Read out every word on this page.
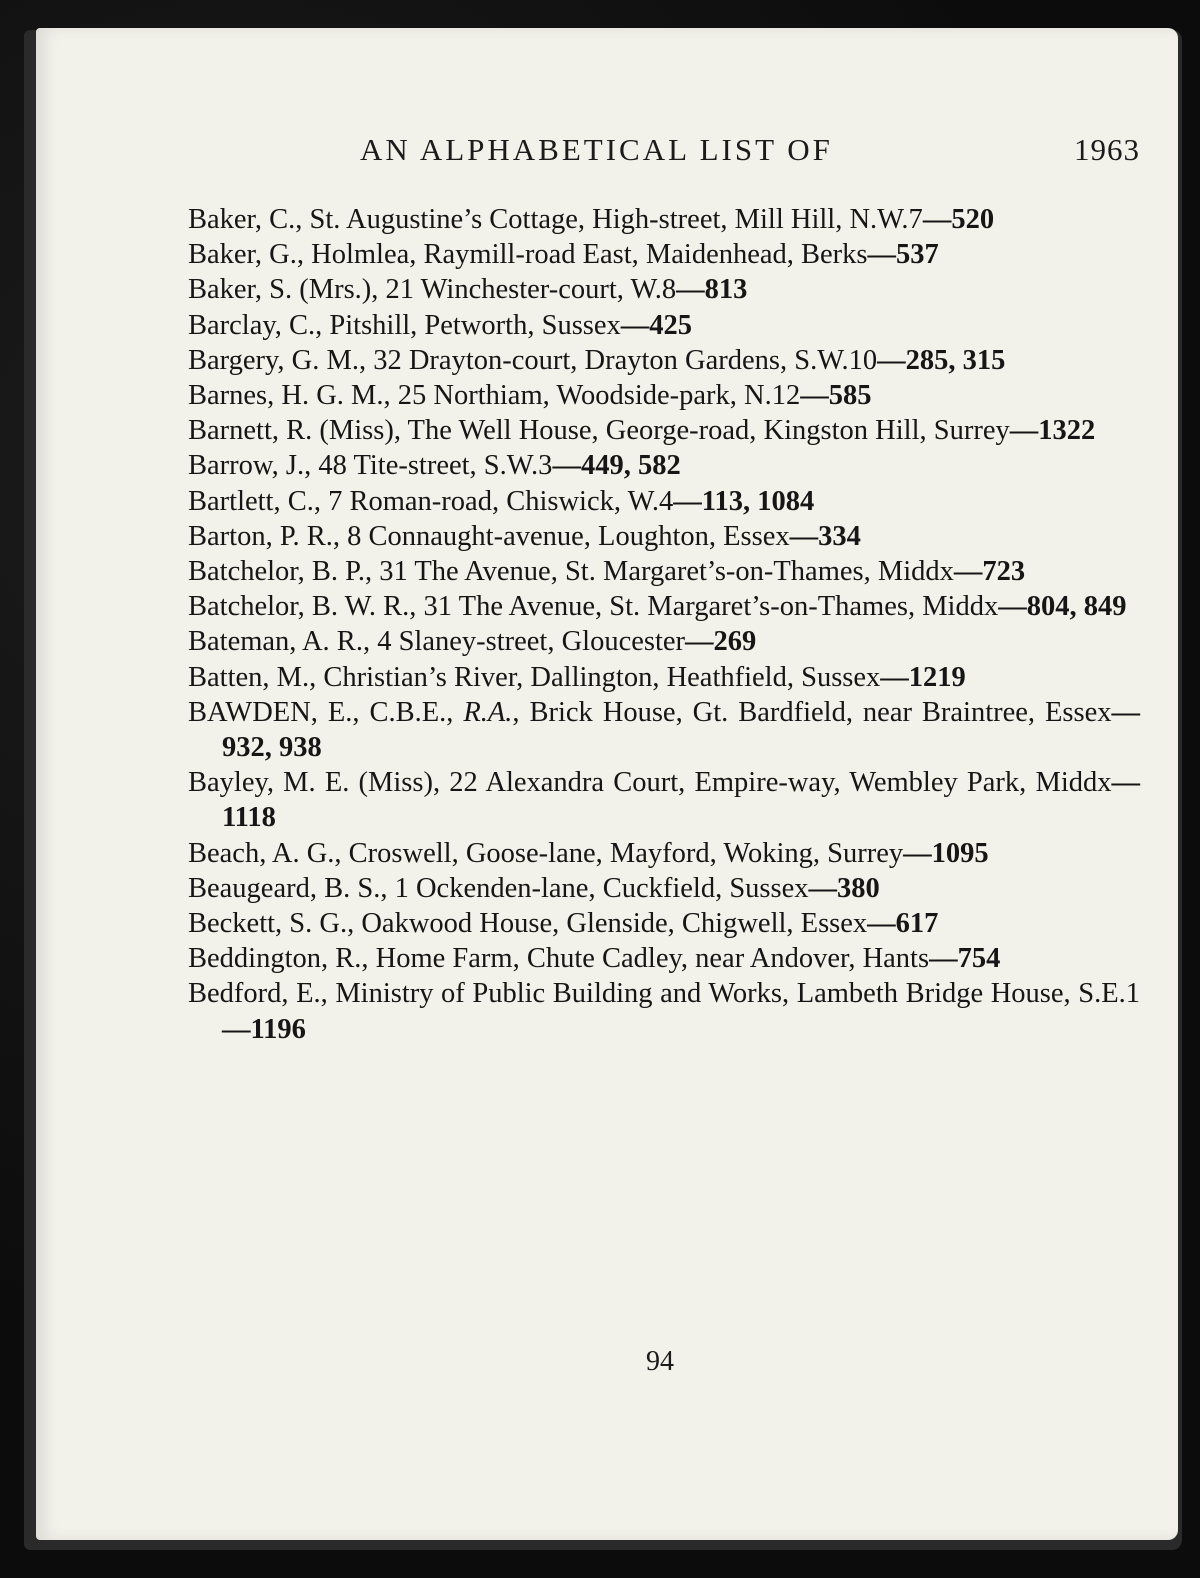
AN ALPHABETICAL LIST OF	1963
Baker, C., St. Augustine’s Cottage, High-street, Mill Hill, N.W.7—520
Baker, G., Holmlea, Raymill-road East, Maidenhead, Berks—537
Baker, S. (Mrs.), 21 Winchester-court, W.8—813
Barclay, C., Pitshill, Petworth, Sussex—425
Bargery, G. M., 32 Drayton-court, Drayton Gardens, S.W.10—285, 315
Barnes, H. G. M., 25 Northiam, Woodside-park, N.12—585
Barnett, R. (Miss), The Well House, George-road, Kingston Hill, Surrey—1322
Barrow, J., 48 Tite-street, S.W.3—449, 582
Bartlett, C., 7 Roman-road, Chiswick, W.4—113, 1084
Barton, P. R., 8 Connaught-avenue, Loughton, Essex—334
Batchelor, B. P., 31 The Avenue, St. Margaret’s-on-Thames, Middx—723
Batchelor, B. W. R., 31 The Avenue, St. Margaret’s-on-Thames, Middx—804, 849
Bateman, A. R., 4 Slaney-street, Gloucester—269
Batten, M., Christian’s River, Dallington, Heathfield, Sussex—1219
BAWDEN, E., C.B.E., R.A., Brick House, Gt. Bardfield, near Braintree, Essex—932, 938
Bayley, M. E. (Miss), 22 Alexandra Court, Empire-way, Wembley Park, Middx—1118
Beach, A. G., Croswell, Goose-lane, Mayford, Woking, Surrey—1095
Beaugeard, B. S., 1 Ockenden-lane, Cuckfield, Sussex—380
Beckett, S. G., Oakwood House, Glenside, Chigwell, Essex—617
Beddington, R., Home Farm, Chute Cadley, near Andover, Hants—754
Bedford, E., Ministry of Public Building and Works, Lambeth Bridge House, S.E.1—1196
94
